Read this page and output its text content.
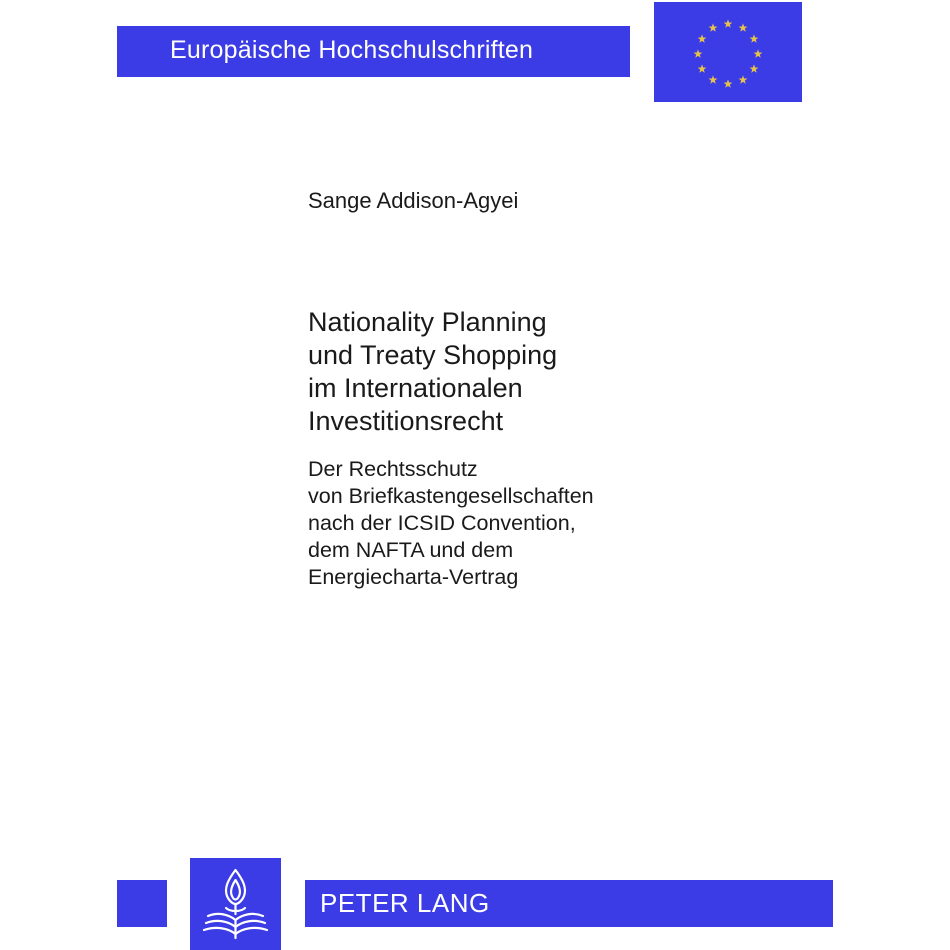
Europäische Hochschulschriften
Sange Addison-Agyei
Nationality Planning
und Treaty Shopping
im Internationalen
Investitionsrecht
Der Rechtsschutz
von Briefkastengesellschaften
nach der ICSID Convention,
dem NAFTA und dem
Energiecharta-Vertrag
PETER LANG
